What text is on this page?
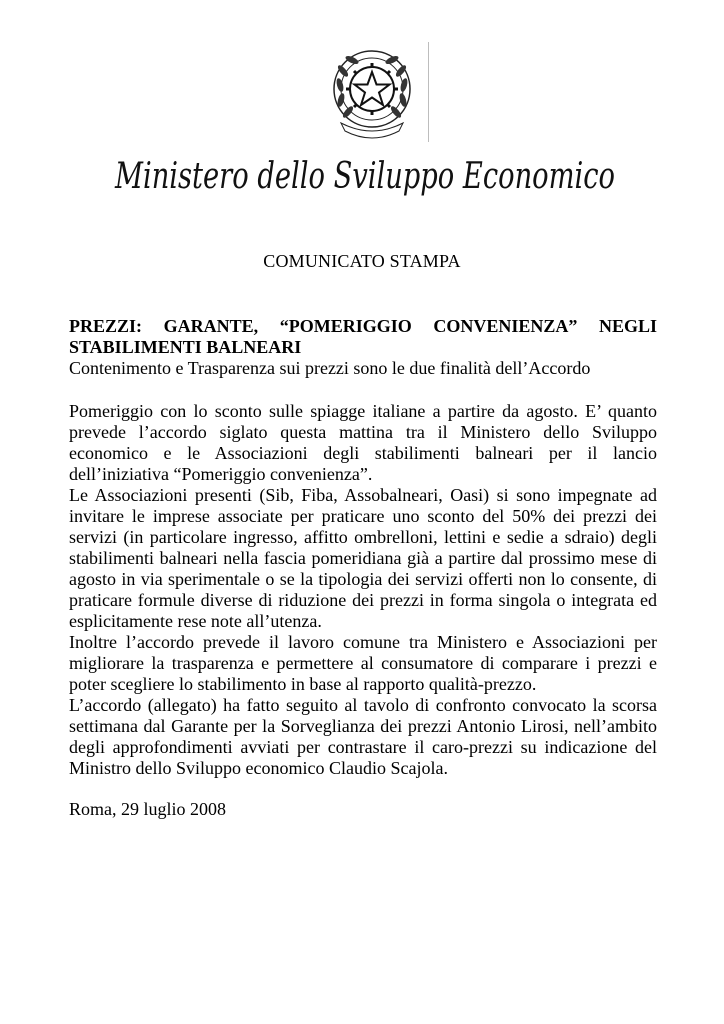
Ministero dello Sviluppo Economico
COMUNICATO STAMPA

PREZZI: GARANTE, “POMERIGGIO CONVENIENZA” NEGLI STABILIMENTI BALNEARI

Contenimento e Trasparenza sui prezzi sono le due finalità dell’Accordo

Pomeriggio con lo sconto sulle spiagge italiane a partire da agosto. E’ quanto prevede l’accordo siglato questa mattina tra il Ministero dello Sviluppo economico e le Associazioni degli stabilimenti balneari per il lancio dell’iniziativa “Pomeriggio convenienza”.

Le Associazioni presenti (Sib, Fiba, Assobalneari, Oasi) si sono impegnate ad invitare le imprese associate per praticare uno sconto del 50% dei prezzi dei servizi (in particolare ingresso, affitto ombrelloni, lettini e sedie a sdraio) degli stabilimenti balneari nella fascia pomeridiana già a partire dal prossimo mese di agosto in via sperimentale o se la tipologia dei servizi offerti non lo consente, di praticare formule diverse di riduzione dei prezzi in forma singola o integrata ed esplicitamente rese note all’utenza.

Inoltre l’accordo prevede il lavoro comune tra Ministero e Associazioni per migliorare la trasparenza e permettere al consumatore di comparare i prezzi e poter scegliere lo stabilimento in base al rapporto qualità-prezzo.

L’accordo (allegato) ha fatto seguito al tavolo di confronto convocato la scorsa settimana dal Garante per la Sorveglianza dei prezzi Antonio Lirosi, nell’ambito degli approfondimenti avviati per contrastare il caro-prezzi su indicazione del Ministro dello Sviluppo economico Claudio Scajola.

Roma, 29 luglio 2008
